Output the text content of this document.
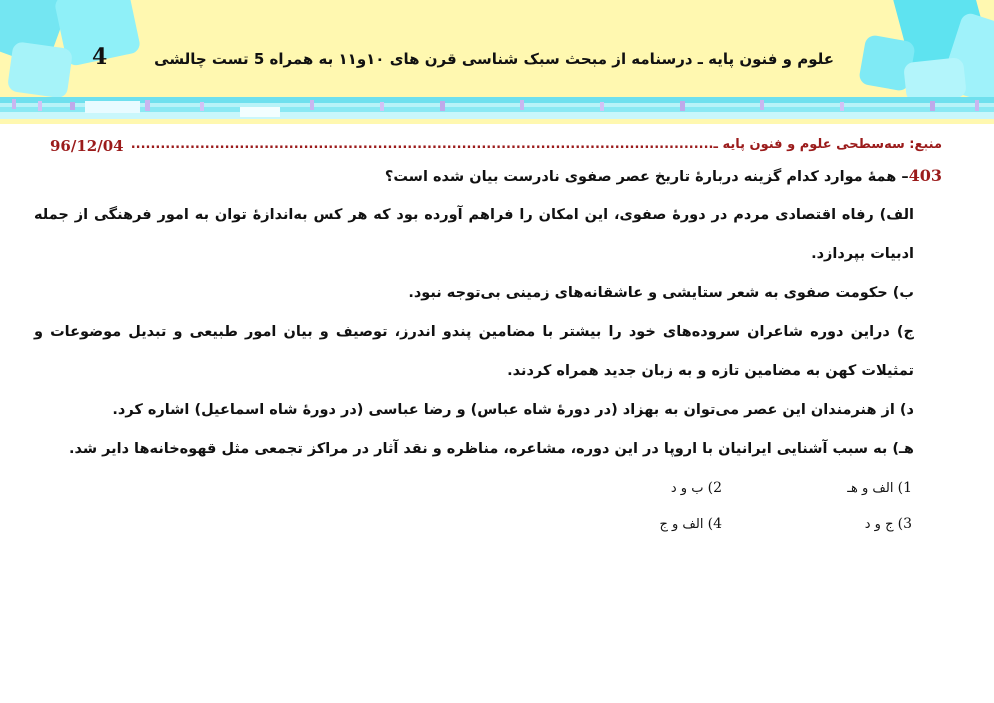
4	علوم و فنون پایه ـ درسنامه از مبحث سبک شناسی قرن های ۱۰و۱۱ به همراه 5 تست چالشی
96/12/04	منبع: سه‌سطحی علوم و فنون پایه ـ......................................................................................................................
403– همهٔ موارد کدام گزینه دربارهٔ تاریخ عصر صفوی نادرست بیان شده است؟
الف) رفاه اقتصادی مردم در دورهٔ صفوی، این امکان را فراهم آورده بود که هر کس به‌اندازهٔ توان به امور فرهنگی از جمله ادبیات بپردازد.
ب) حکومت صفوی به شعر ستایشی و عاشقانه‌های زمینی بی‌توجه نبود.
ج) دراین دوره شاعران سروده‌های خود را بیشتر با مضامین پندو اندرز، توصیف و بیان امور طبیعی و تبدیل موضوعات و تمثیلات کهن به مضامین تازه و به زبان جدید همراه کردند.
د) از هنرمندان این عصر می‌توان به بهزاد (در دورهٔ شاه عباس) و رضا عباسی (در دورهٔ شاه اسماعیل) اشاره کرد.
هـ) به سبب آشنایی ایرانیان با اروپا در این دوره، مشاعره، مناظره و نقد آثار در مراکز تجمعی مثل قهوه‌خانه‌ها دایر شد.
1) الف و هـ
2) ب و د
3) ج و د
4) الف و ج
